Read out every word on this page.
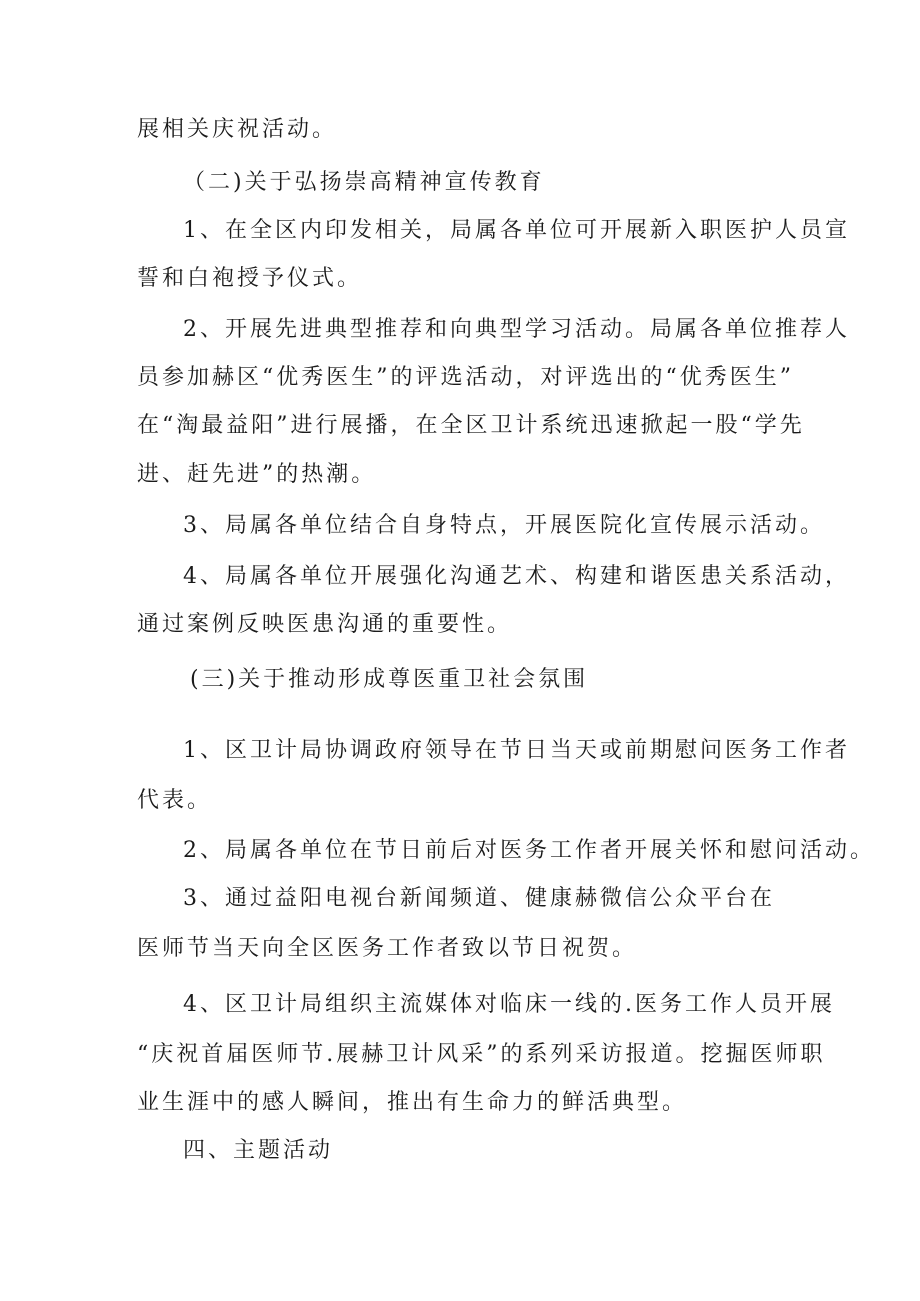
展相关庆祝活动。

（二)关于弘扬崇高精神宣传教育

1、在全区内印发相关，局属各单位可开展新入职医护人员宣

誓和白袍授予仪式。

2、开展先进典型推荐和向典型学习活动。局属各单位推荐人

员参加赫区“优秀医生”的评选活动，对评选出的“优秀医生”

在“淘最益阳”进行展播，在全区卫计系统迅速掀起一股“学先

进、赶先进”的热潮。

3、局属各单位结合自身特点，开展医院化宣传展示活动。

4、局属各单位开展强化沟通艺术、构建和谐医患关系活动，

通过案例反映医患沟通的重要性。

(三)关于推动形成尊医重卫社会氛围

1、区卫计局协调政府领导在节日当天或前期慰问医务工作者

代表。

2、局属各单位在节日前后对医务工作者开展关怀和慰问活动。

3、通过益阳电视台新闻频道、健康赫微信公众平台在

医师节当天向全区医务工作者致以节日祝贺。

4、区卫计局组织主流媒体对临床一线的.医务工作人员开展

“庆祝首届医师节.展赫卫计风采”的系列采访报道。挖掘医师职

业生涯中的感人瞬间，推出有生命力的鲜活典型。

四、主题活动
